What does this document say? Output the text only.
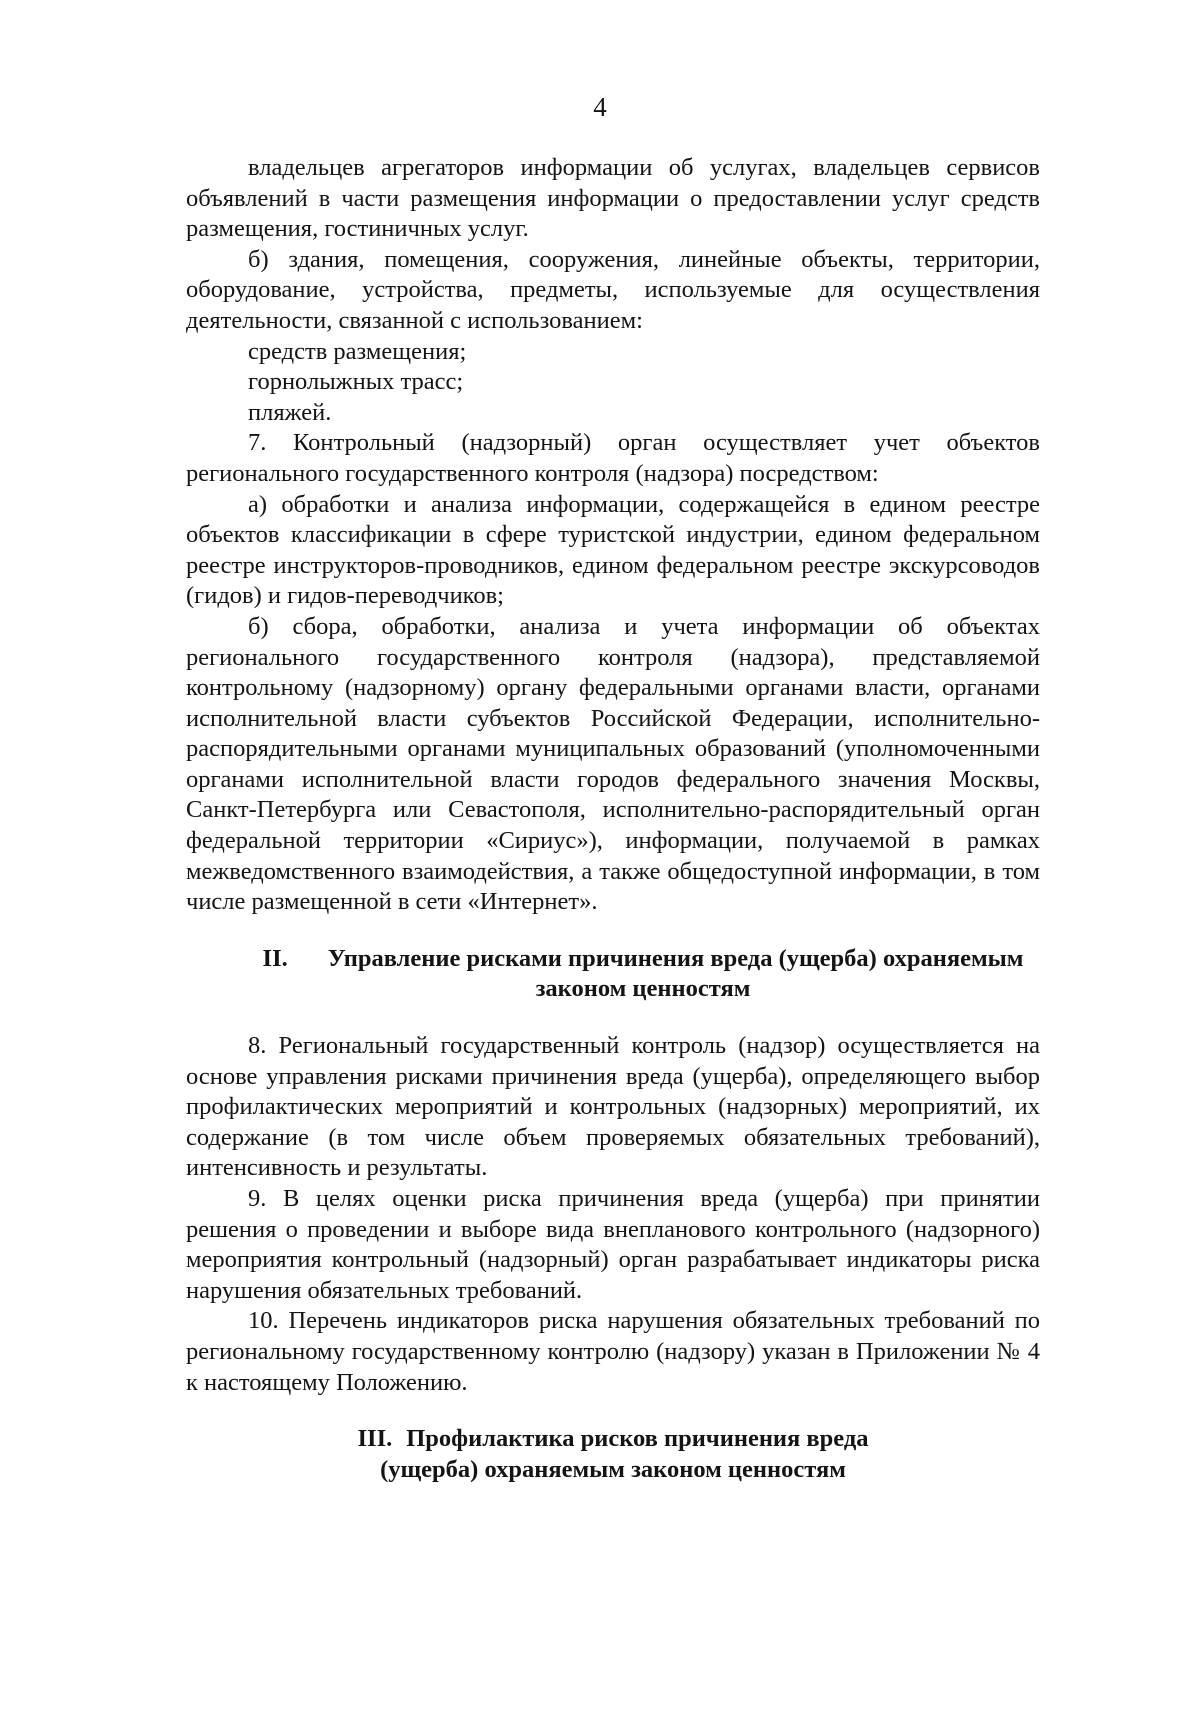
4

владельцев агрегаторов информации об услугах, владельцев сервисов объявлений в части размещения информации о предоставлении услуг средств размещения, гостиничных услуг.

б) здания, помещения, сооружения, линейные объекты, территории, оборудование, устройства, предметы, используемые для осуществления деятельности, связанной с использованием:

средств размещения;

горнолыжных трасс;

пляжей.

7. Контрольный (надзорный) орган осуществляет учет объектов регионального государственного контроля (надзора) посредством:

а) обработки и анализа информации, содержащейся в едином реестре объектов классификации в сфере туристской индустрии, едином федеральном реестре инструкторов-проводников, едином федеральном реестре экскурсоводов (гидов) и гидов-переводчиков;

б) сбора, обработки, анализа и учета информации об объектах регионального государственного контроля (надзора), представляемой контрольному (надзорному) органу федеральными органами власти, органами исполнительной власти субъектов Российской Федерации, исполнительно-распорядительными органами муниципальных образований (уполномоченными органами исполнительной власти городов федерального значения Москвы, Санкт-Петербурга или Севастополя, исполнительно-распорядительный орган федеральной территории «Сириус»), информации, получаемой в рамках межведомственного взаимодействия, а также общедоступной информации, в том числе размещенной в сети «Интернет».

II. Управление рисками причинения вреда (ущерба) охраняемым
законом ценностям

8. Региональный государственный контроль (надзор) осуществляется на основе управления рисками причинения вреда (ущерба), определяющего выбор профилактических мероприятий и контрольных (надзорных) мероприятий, их содержание (в том числе объем проверяемых обязательных требований), интенсивность и результаты.

9. В целях оценки риска причинения вреда (ущерба) при принятии решения о проведении и выборе вида внепланового контрольного (надзорного) мероприятия контрольный (надзорный) орган разрабатывает индикаторы риска нарушения обязательных требований.

10. Перечень индикаторов риска нарушения обязательных требований по региональному государственному контролю (надзору) указан в Приложении № 4 к настоящему Положению.

III. Профилактика рисков причинения вреда
(ущерба) охраняемым законом ценностям
